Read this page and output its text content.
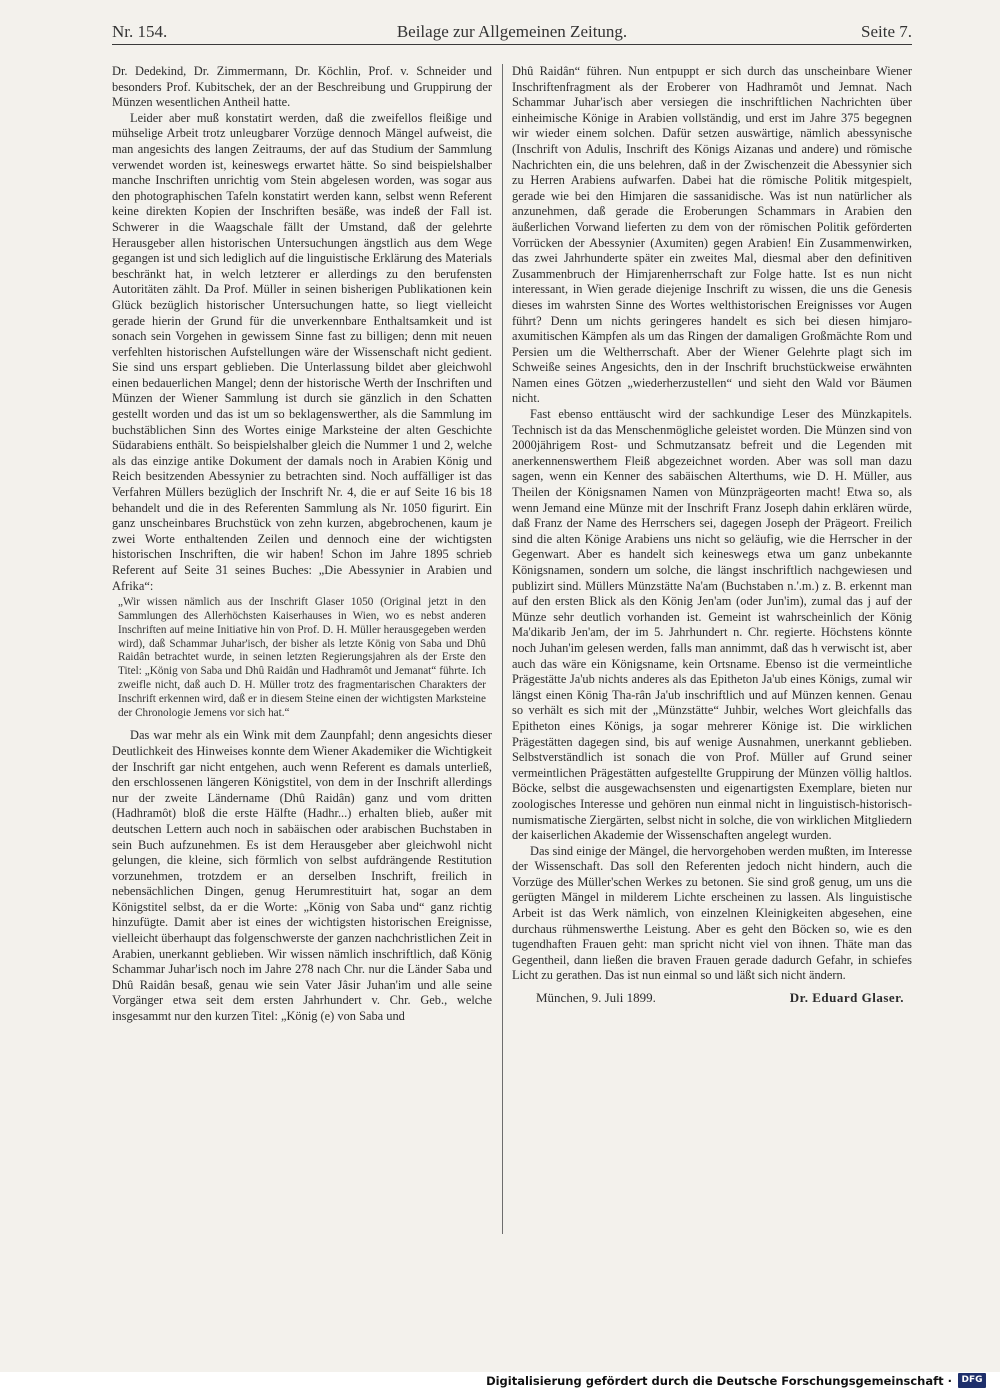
Nr. 154.	Beilage zur Allgemeinen Zeitung.	Seite 7.

Dr. Dedekind, Dr. Zimmermann, Dr. Köchlin, Prof. v. Schneider und besonders Prof. Kubitschek, der an der Beschreibung und Gruppirung der Münzen wesentlichen Antheil hatte.

Leider aber muß konstatirt werden, daß die zweifellos fleißige und mühselige Arbeit trotz unleugbarer Vorzüge dennoch Mängel aufweist, die man angesichts des langen Zeitraums, der auf das Studium der Sammlung verwendet worden ist, keineswegs erwartet hätte. So sind beispielshalber manche Inschriften unrichtig vom Stein abgelesen worden, was sogar aus den photographischen Tafeln konstatirt werden kann, selbst wenn Referent keine direkten Kopien der Inschriften besäße, was indeß der Fall ist. Schwerer in die Waagschale fällt der Umstand, daß der gelehrte Herausgeber allen historischen Untersuchungen ängstlich aus dem Wege gegangen ist und sich lediglich auf die linguistische Erklärung des Materials beschränkt hat, in welch letzterer er allerdings zu den berufensten Autoritäten zählt. Da Prof. Müller in seinen bisherigen Publikationen kein Glück bezüglich historischer Untersuchungen hatte, so liegt vielleicht gerade hierin der Grund für die unverkennbare Enthaltsamkeit und ist sonach sein Vorgehen in gewissem Sinne fast zu billigen; denn mit neuen verfehlten historischen Aufstellungen wäre der Wissenschaft nicht gedient. Sie sind uns erspart geblieben. Die Unterlassung bildet aber gleichwohl einen bedauerlichen Mangel; denn der historische Werth der Inschriften und Münzen der Wiener Sammlung ist durch sie gänzlich in den Schatten gestellt worden und das ist um so beklagenswerther, als die Sammlung im buchstäblichen Sinn des Wortes einige Marksteine der alten Geschichte Südarabiens enthält. So beispielshalber gleich die Nummer 1 und 2, welche als das einzige antike Dokument der damals noch in Arabien König und Reich besitzenden Abessynier zu betrachten sind. Noch auffälliger ist das Verfahren Müllers bezüglich der Inschrift Nr. 4, die er auf Seite 16 bis 18 behandelt und die in des Referenten Sammlung als Nr. 1050 figurirt. Ein ganz unscheinbares Bruchstück von zehn kurzen, abgebrochenen, kaum je zwei Worte enthaltenden Zeilen und dennoch eine der wichtigsten historischen Inschriften, die wir haben! Schon im Jahre 1895 schrieb Referent auf Seite 31 seines Buches: „Die Abessynier in Arabien und Afrika“:

„Wir wissen nämlich aus der Inschrift Glaser 1050 (Original jetzt in den Sammlungen des Allerhöchsten Kaiserhauses in Wien, wo es nebst anderen Inschriften auf meine Initiative hin von Prof. D. H. Müller herausgegeben werden wird), daß Schammar Juhar'isch, der bisher als letzte König von Saba und Dhû Raidân betrachtet wurde, in seinen letzten Regierungsjahren als der Erste den Titel: „König von Saba und Dhû Raidân und Hadhramôt und Jemanat“ führte. Ich zweifle nicht, daß auch D. H. Müller trotz des fragmentarischen Charakters der Inschrift erkennen wird, daß er in diesem Steine einen der wichtigsten Marksteine der Chronologie Jemens vor sich hat.“

Das war mehr als ein Wink mit dem Zaunpfahl; denn angesichts dieser Deutlichkeit des Hinweises konnte dem Wiener Akademiker die Wichtigkeit der Inschrift gar nicht entgehen, auch wenn Referent es damals unterließ, den erschlossenen längeren Königstitel, von dem in der Inschrift allerdings nur der zweite Ländername (Dhû Raidân) ganz und vom dritten (Hadhramôt) bloß die erste Hälfte (Hadhr...) erhalten blieb, außer mit deutschen Lettern auch noch in sabäischen oder arabischen Buchstaben in sein Buch aufzunehmen. Es ist dem Herausgeber aber gleichwohl nicht gelungen, die kleine, sich förmlich von selbst aufdrängende Restitution vorzunehmen, trotzdem er an derselben Inschrift, freilich in nebensächlichen Dingen, genug Herumrestituirt hat, sogar an dem Königstitel selbst, da er die Worte: „König von Saba und“ ganz richtig hinzufügte. Damit aber ist eines der wichtigsten historischen Ereignisse, vielleicht überhaupt das folgenschwerste der ganzen nachchristlichen Zeit in Arabien, unerkannt geblieben. Wir wissen nämlich inschriftlich, daß König Schammar Juhar'isch noch im Jahre 278 nach Chr. nur die Länder Saba und Dhû Raidân besaß, genau wie sein Vater Jâsir Juhan'im und alle seine Vorgänger etwa seit dem ersten Jahrhundert v. Chr. Geb., welche insgesammt nur den kurzen Titel: „König (e) von Saba und

Dhû Raidân“ führen. Nun entpuppt er sich durch das unscheinbare Wiener Inschriftenfragment als der Eroberer von Hadhramôt und Jemnat. Nach Schammar Juhar'isch aber versiegen die inschriftlichen Nachrichten über einheimische Könige in Arabien vollständig, und erst im Jahre 375 begegnen wir wieder einem solchen. Dafür setzen auswärtige, nämlich abessynische (Inschrift von Adulis, Inschrift des Königs Aizanas und andere) und römische Nachrichten ein, die uns belehren, daß in der Zwischenzeit die Abessynier sich zu Herren Arabiens aufwarfen. Dabei hat die römische Politik mitgespielt, gerade wie bei den Himjaren die sassanidische. Was ist nun natürlicher als anzunehmen, daß gerade die Eroberungen Schammars in Arabien den äußerlichen Vorwand lieferten zu dem von der römischen Politik geförderten Vorrücken der Abessynier (Axumiten) gegen Arabien! Ein Zusammenwirken, das zwei Jahrhunderte später ein zweites Mal, diesmal aber den definitiven Zusammenbruch der Himjarenherrschaft zur Folge hatte. Ist es nun nicht interessant, in Wien gerade diejenige Inschrift zu wissen, die uns die Genesis dieses im wahrsten Sinne des Wortes welthistorischen Ereignisses vor Augen führt? Denn um nichts geringeres handelt es sich bei diesen himjaro-axumitischen Kämpfen als um das Ringen der damaligen Großmächte Rom und Persien um die Weltherrschaft. Aber der Wiener Gelehrte plagt sich im Schweiße seines Angesichts, den in der Inschrift bruchstückweise erwähnten Namen eines Götzen „wiederherzustellen“ und sieht den Wald vor Bäumen nicht.

Fast ebenso enttäuscht wird der sachkundige Leser des Münzkapitels. Technisch ist da das Menschenmögliche geleistet worden. Die Münzen sind von 2000jährigem Rost- und Schmutzansatz befreit und die Legenden mit anerkennenswerthem Fleiß abgezeichnet worden. Aber was soll man dazu sagen, wenn ein Kenner des sabäischen Alterthums, wie D. H. Müller, aus Theilen der Königsnamen Namen von Münzprägeorten macht! Etwa so, als wenn Jemand eine Münze mit der Inschrift Franz Joseph dahin erklären würde, daß Franz der Name des Herrschers sei, dagegen Joseph der Prägeort. Freilich sind die alten Könige Arabiens uns nicht so geläufig, wie die Herrscher in der Gegenwart. Aber es handelt sich keineswegs etwa um ganz unbekannte Königsnamen, sondern um solche, die längst inschriftlich nachgewiesen und publizirt sind. Müllers Münzstätte Na'am (Buchstaben n.'.m.) z. B. erkennt man auf den ersten Blick als den König Jen'am (oder Jun'im), zumal das j auf der Münze sehr deutlich vorhanden ist. Gemeint ist wahrscheinlich der König Ma'dikarib Jen'am, der im 5. Jahrhundert n. Chr. regierte. Höchstens könnte noch Juhan'im gelesen werden, falls man annimmt, daß das h verwischt ist, aber auch das wäre ein Königsname, kein Ortsname. Ebenso ist die vermeintliche Prägestätte Ja'ub nichts anderes als das Epitheton Ja'ub eines Königs, zumal wir längst einen König Tha-rân Ja'ub inschriftlich und auf Münzen kennen. Genau so verhält es sich mit der „Münzstätte“ Juhbir, welches Wort gleichfalls das Epitheton eines Königs, ja sogar mehrerer Könige ist. Die wirklichen Prägestätten dagegen sind, bis auf wenige Ausnahmen, unerkannt geblieben. Selbstverständlich ist sonach die von Prof. Müller auf Grund seiner vermeintlichen Prägestätten aufgestellte Gruppirung der Münzen völlig haltlos. Böcke, selbst die ausgewachsensten und eigenartigsten Exemplare, bieten nur zoologisches Interesse und gehören nun einmal nicht in linguistisch-historisch-numismatische Ziergärten, selbst nicht in solche, die von wirklichen Mitgliedern der kaiserlichen Akademie der Wissenschaften angelegt wurden.

Das sind einige der Mängel, die hervorgehoben werden mußten, im Interesse der Wissenschaft. Das soll den Referenten jedoch nicht hindern, auch die Vorzüge des Müller'schen Werkes zu betonen. Sie sind groß genug, um uns die gerügten Mängel in milderem Lichte erscheinen zu lassen. Als linguistische Arbeit ist das Werk nämlich, von einzelnen Kleinigkeiten abgesehen, eine durchaus rühmenswerthe Leistung. Aber es geht den Böcken so, wie es den tugendhaften Frauen geht: man spricht nicht viel von ihnen. Thäte man das Gegentheil, dann ließen die braven Frauen gerade dadurch Gefahr, in schiefes Licht zu gerathen. Das ist nun einmal so und läßt sich nicht ändern.

München, 9. Juli 1899.	Dr. Eduard Glaser.
Digitalisierung gefördert durch die Deutsche Forschungsgemeinschaft ·	DFG
